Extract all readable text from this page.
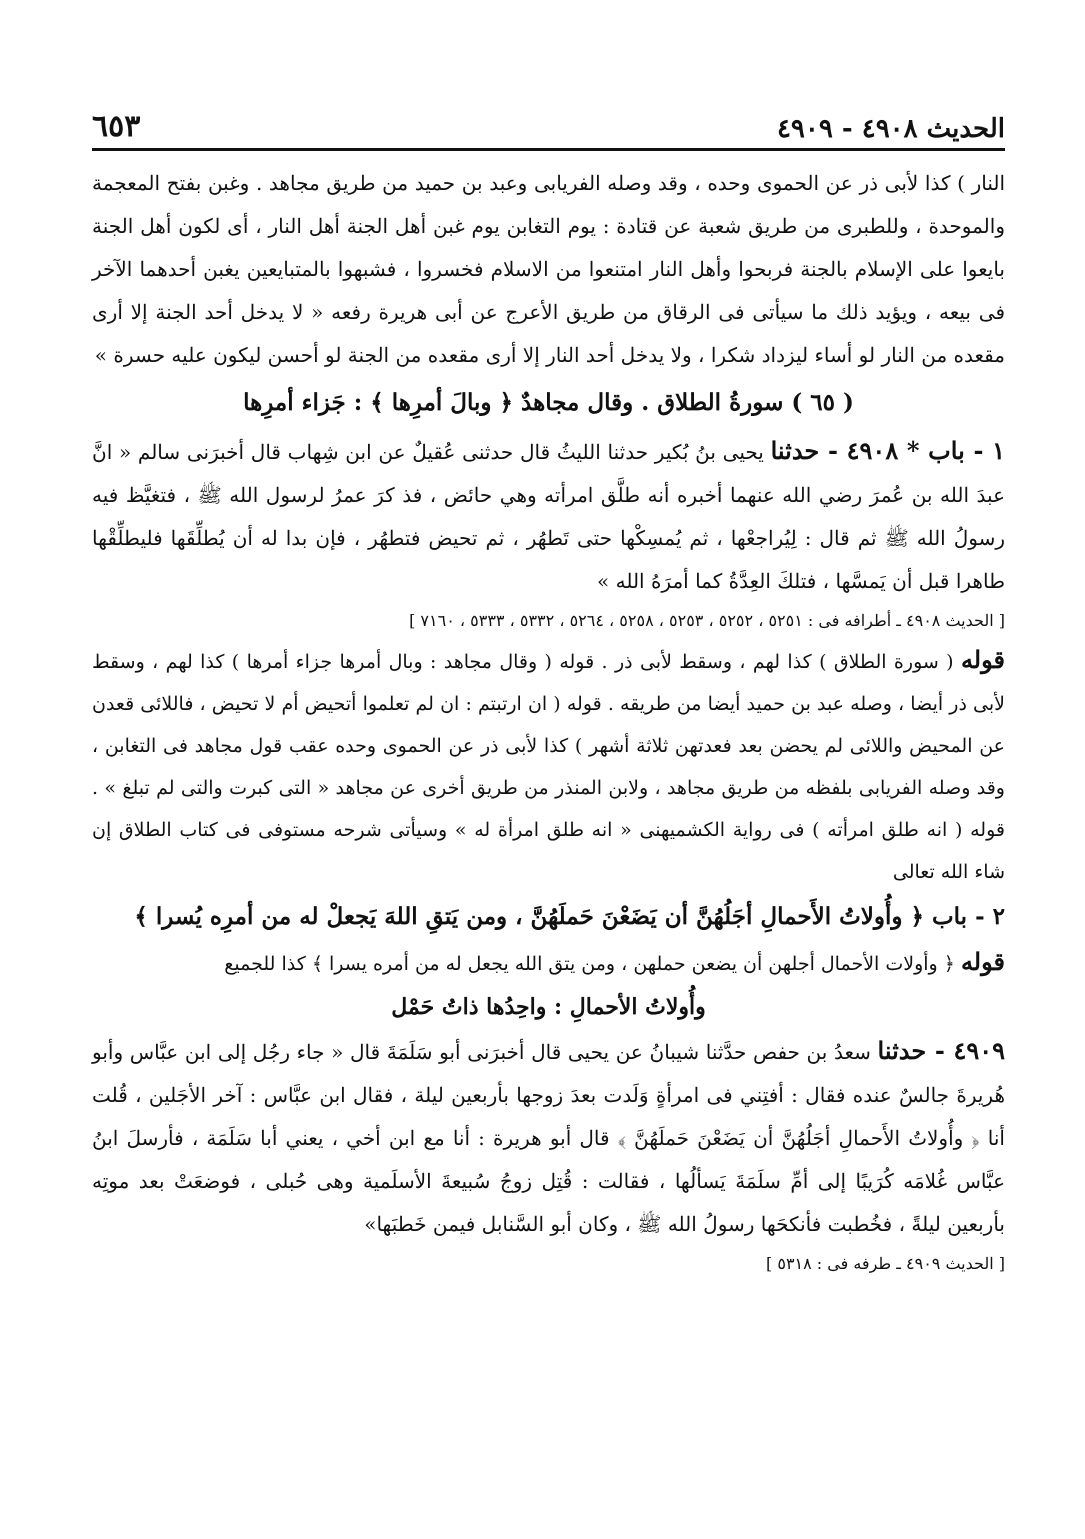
الحديث ٤٩٠٨ - ٤٩٠٩
٦٥٣

النار ) كذا لأبى ذر عن الحموى وحده ، وقد وصله الفريابى وعبد بن حميد من طريق مجاهد . وغبن بفتح المعجمة والموحدة ، وللطبرى من طريق شعبة عن قتادة : يوم التغابن يوم غبن أهل الجنة أهل النار ، أى لكون أهل الجنة بايعوا على الإسلام بالجنة فربحوا وأهل النار امتنعوا من الاسلام فخسروا ، فشبهوا بالمتبايعين يغبن أحدهما الآخر فى بيعه ، ويؤيد ذلك ما سيأتى فى الرقاق من طريق الأعرج عن أبى هريرة رفعه « لا يدخل أحد الجنة إلا أرى مقعده من النار لو أساء ليزداد شكرا ، ولا يدخل أحد النار إلا أرى مقعده من الجنة لو أحسن ليكون عليه حسرة »

( ٦٥ ) سورةُ الطلاق . وقال مجاهدٌ ﴿ وبالَ أمرِها ﴾ : جَزاء أمرِها

١ - باب * ٤٩٠٨ - حدثنا يحيى بنُ بُكير حدثنا الليثُ قال حدثنى عُقيلٌ عن ابن شِهاب قال أخبرَنى سالم « انَّ عبدَ الله بن عُمرَ رضي الله عنهما أخبره أنه طلَّق امرأته وهي حائض ، فذ كرَ عمرُ لرسول الله ﷺ ، فتغيَّظ فيه رسولُ الله ﷺ ثم قال : لِيُراجعْها ، ثم يُمسِكْها حتى تَطهُر ، ثم تحيض فتطهُر ، فإن بدا له أن يُطلِّقَها فليطلِّقْها طاهرا قبل أن يَمسَّها ، فتلكَ العِدَّةُ كما أمرَهُ الله »

[ الحديث ٤٩٠٨ ـ أطرافه فى : ٥٢٥١ ، ٥٢٥٢ ، ٥٢٥٣ ، ٥٢٥٨ ، ٥٢٦٤ ، ٥٣٣٢ ، ٥٣٣٣ ، ٧١٦٠ ]

قوله ( سورة الطلاق ) كذا لهم ، وسقط لأبى ذر . قوله ( وقال مجاهد : وبال أمرها جزاء أمرها ) كذا لهم ، وسقط لأبى ذر أيضا ، وصله عبد بن حميد أيضا من طريقه . قوله ( ان ارتبتم : ان لم تعلموا أتحيض أم لا تحيض ، فاللائى قعدن عن المحيض واللائى لم يحضن بعد فعدتهن ثلاثة أشهر ) كذا لأبى ذر عن الحموى وحده عقب قول مجاهد فى التغابن ، وقد وصله الفريابى بلفظه من طريق مجاهد ، ولابن المنذر من طريق أخرى عن مجاهد « التى كبرت والتى لم تبلغ » . قوله ( انه طلق امرأته ) فى رواية الكشميهنى « انه طلق امرأة له » وسيأتى شرحه مستوفى فى كتاب الطلاق إن شاء الله تعالى

٢ - باب ﴿ وأُولاتُ الأَحمالِ أجَلُهُنَّ أن يَضَعْنَ حَملَهُنَّ ، ومن يَتقِ اللهَ يَجعلْ له من أمرِه يُسرا ﴾

قوله ﴿ وأولات الأحمال أجلهن أن يضعن حملهن ، ومن يتق الله يجعل له من أمره يسرا ﴾ كذا للجميع

وأُولاتُ الأحمالِ : واحِدُها ذاتُ حَمْل

٤٩٠٩ - حدثنا سعدُ بن حفص حدَّثنا شيبانُ عن يحيى قال أخبرَنى أبو سَلَمَةَ قال « جاء رجُل إلى ابن عبَّاس وأبو هُريرةَ جالسٌ عنده فقال : أفتِني فى امرأةٍ وَلَدت بعدَ زوجها بأربعين ليلة ، فقال ابن عبَّاس : آخر الأجَلين ، قُلت أنا ﴿ وأُولاتُ الأَحمالِ أجَلُهُنَّ أن يَضَعْنَ حَملَهُنَّ ﴾ قال أبو هريرة : أنا مع ابن أخي ، يعني أبا سَلَمَة ، فأرسلَ ابنُ عبَّاس غُلامَه كُرَيبًا إلى أمِّ سلَمَةَ يَسألُها ، فقالت : قُتِل زوجُ سُبيعةَ الأسلَمية وهى حُبلى ، فوضعَتْ بعد موتِه بأربعين ليلةً ، فخُطبت فأنكحَها رسولُ الله ﷺ ، وكان أبو السَّنابل فيمن خَطبَها»

[ الحديث ٤٩٠٩ ـ طرفه فى : ٥٣١٨ ]
